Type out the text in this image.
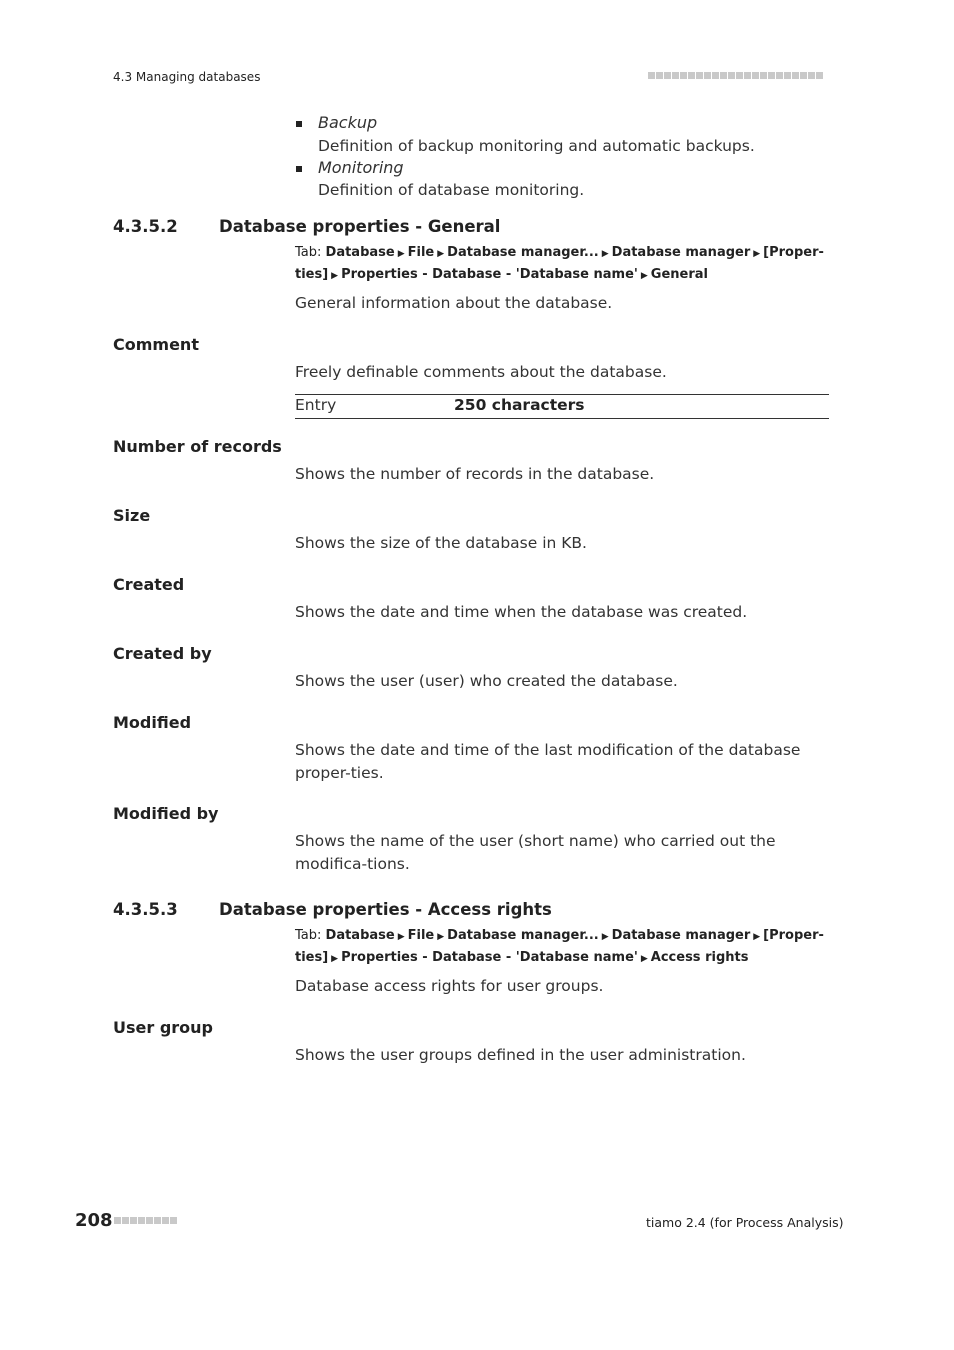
4.3 Managing databases
Backup
Definition of backup monitoring and automatic backups.
Monitoring
Definition of database monitoring.
4.3.5.2	Database properties - General
Tab: Database ▶ File ▶ Database manager... ▶ Database manager ▶ [Proper-
ties] ▶ Properties - Database - 'Database name' ▶ General
General information about the database.
Comment
Freely definable comments about the database.
Entry	250 characters
Number of records
Shows the number of records in the database.
Size
Shows the size of the database in KB.
Created
Shows the date and time when the database was created.
Created by
Shows the user (user) who created the database.
Modified
Shows the date and time of the last modification of the database proper-ties.
Modified by
Shows the name of the user (short name) who carried out the modifica-tions.
4.3.5.3	Database properties - Access rights
Tab: Database ▶ File ▶ Database manager... ▶ Database manager ▶ [Proper-
ties] ▶ Properties - Database - 'Database name' ▶ Access rights
Database access rights for user groups.
User group
Shows the user groups defined in the user administration.
208	tiamo 2.4 (for Process Analysis)
